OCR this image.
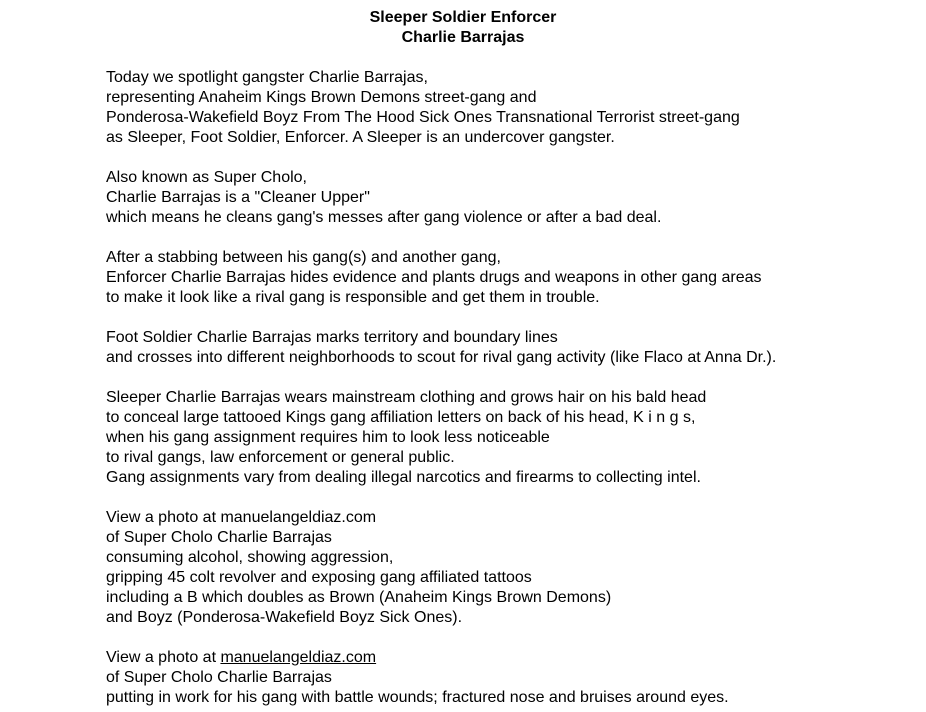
Sleeper Soldier Enforcer
Charlie Barrajas
Today we spotlight gangster Charlie Barrajas,
representing Anaheim Kings Brown Demons street-gang and
Ponderosa-Wakefield Boyz From The Hood Sick Ones Transnational Terrorist street-gang
as Sleeper, Foot Soldier, Enforcer. A Sleeper is an undercover gangster.
Also known as Super Cholo,
Charlie Barrajas is a "Cleaner Upper"
which means he cleans gang's messes after gang violence or after a bad deal.
After a stabbing between his gang(s) and another gang,
Enforcer Charlie Barrajas hides evidence and plants drugs and weapons in other gang areas
to make it look like a rival gang is responsible and get them in trouble.
Foot Soldier Charlie Barrajas marks territory and boundary lines
and crosses into different neighborhoods to scout for rival gang activity (like Flaco at Anna Dr.).
Sleeper Charlie Barrajas wears mainstream clothing and grows hair on his bald head
to conceal large tattooed Kings gang affiliation letters on back of his head, K i n g s,
when his gang assignment requires him to look less noticeable
to rival gangs, law enforcement or general public.
Gang assignments vary from dealing illegal narcotics and firearms to collecting intel.
View a photo at manuelangeldiaz.com
of Super Cholo Charlie Barrajas
consuming alcohol, showing aggression,
gripping 45 colt revolver and exposing gang affiliated tattoos
including a B which doubles as Brown (Anaheim Kings Brown Demons)
and Boyz (Ponderosa-Wakefield Boyz Sick Ones).
View a photo at manuelangeldiaz.com
of Super Cholo Charlie Barrajas
putting in work for his gang with battle wounds; fractured nose and bruises around eyes.
